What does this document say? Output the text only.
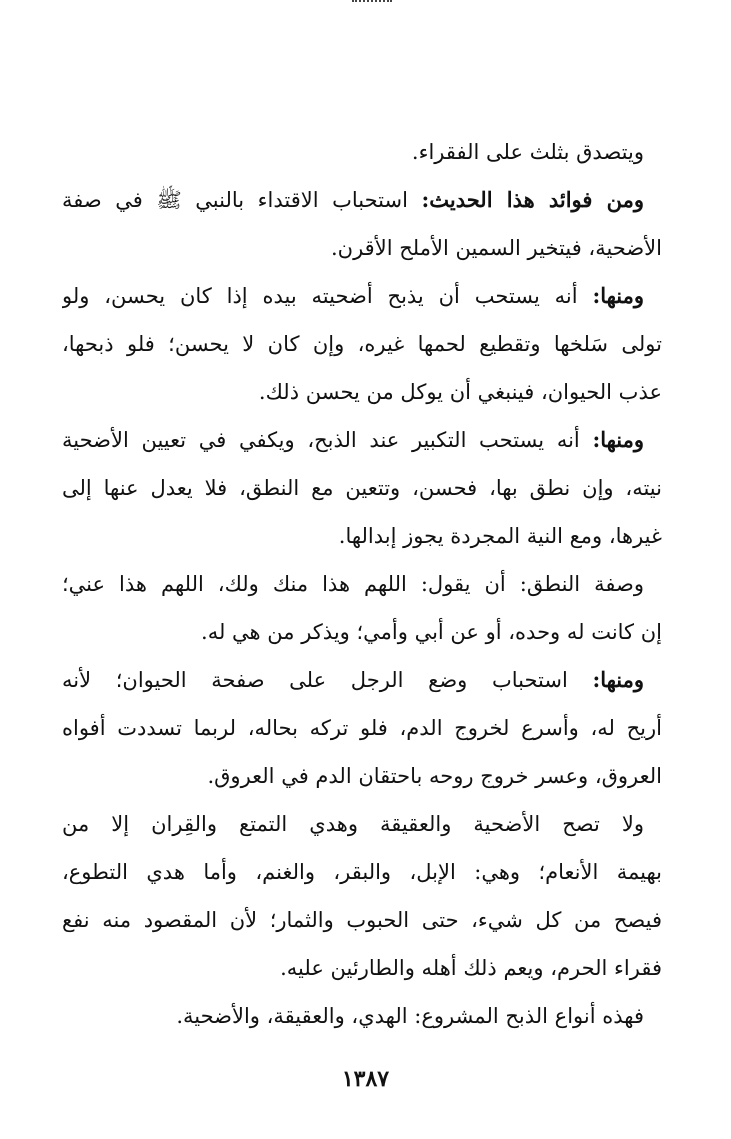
ويتصدق بثلث على الفقراء.
ومن فوائد هذا الحديث: استحباب الاقتداء بالنبي ﷺ في صفة
الأضحية، فيتخير السمين الأملح الأقرن.
ومنها: أنه يستحب أن يذبح أضحيته بيده إذا كان يحسن، ولو
تولى سَلخها وتقطيع لحمها غيره، وإن كان لا يحسن؛ فلو ذبحها،
عذب الحيوان، فينبغي أن يوكل من يحسن ذلك.
ومنها: أنه يستحب التكبير عند الذبح، ويكفي في تعيين الأضحية
نيته، وإن نطق بها، فحسن، وتتعين مع النطق، فلا يعدل عنها إلى
غيرها، ومع النية المجردة يجوز إبدالها.
وصفة النطق: أن يقول: اللهم هذا منك ولك، اللهم هذا عني؛
إن كانت له وحده، أو عن أبي وأمي؛ ويذكر من هي له.
ومنها: استحباب وضع الرجل على صفحة الحيوان؛ لأنه
أريح له، وأسرع لخروج الدم، فلو تركه بحاله، لربما تسددت أفواه
العروق، وعسر خروج روحه باحتقان الدم في العروق.
ولا تصح الأضحية والعقيقة وهدي التمتع والقِران إلا من
بهيمة الأنعام؛ وهي: الإبل، والبقر، والغنم، وأما هدي التطوع،
فيصح من كل شيء، حتى الحبوب والثمار؛ لأن المقصود منه نفع
فقراء الحرم، ويعم ذلك أهله والطارئين عليه.
فهذه أنواع الذبح المشروع: الهدي، والعقيقة، والأضحية.
١٣٨٧
